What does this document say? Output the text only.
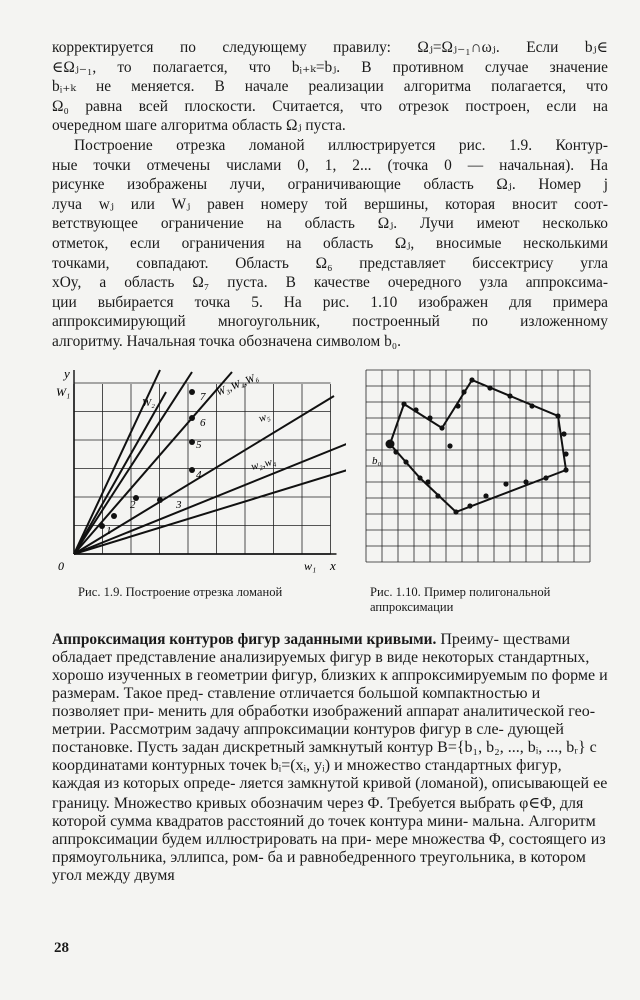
корректируется по следующему правилу: Ωⱼ=Ωⱼ₋₁∩ωⱼ. Если bⱼ∈
∈Ωⱼ₋₁, то полагается, что bᵢ₊ₖ=bⱼ. В противном случае значение
bᵢ₊ₖ не меняется. В начале реализации алгоритма полагается, что
Ω₀ равна всей плоскости. Считается, что отрезок построен, если на
очередном шаге алгоритма область Ωⱼ пуста.

Построение отрезка ломаной иллюстрируется рис. 1.9. Контур-
ные точки отмечены числами 0, 1, 2... (точка 0 — начальная). На
рисунке изображены лучи, ограничивающие область Ωⱼ. Номер j
луча wⱼ или Wⱼ равен номеру той вершины, которая вносит соот-
ветствующее ограничение на область Ωⱼ. Лучи имеют несколько
отметок, если ограничения на область Ωⱼ, вносимые несколькими
точками, совпадают. Область Ω₆ представляет биссектрису угла
xOy, а область Ω₇ пуста. В качестве очередного узла аппроксима-
ции выбирается точка 5. На рис. 1.10 изображен для примера
аппроксимирующий многоугольник, построенный по изложенному
алгоритму. Начальная точка обозначена символом b₀.

y
W₁
0	w₁ x
W₂
W₃,W₄,W₆
w₅
w₂,w₄
1
2	3
4
5
6
7
Рис. 1.9. Построение отрезка ломаной
b₀
Рис. 1.10. Пример полигональной аппроксимации

Аппроксимация контуров фигур заданными кривыми. Преиму- ществами обладает представление анализируемых фигур в виде некоторых стандартных, хорошо изученных в геометрии фигур, близких к аппроксимируемым по форме и размерам. Такое пред- ставление отличается большой компактностью и позволяет при- менить для обработки изображений аппарат аналитической гео- метрии. Рассмотрим задачу аппроксимации контуров фигур в сле- дующей постановке. Пусть задан дискретный замкнутый контур B={b₁, b₂, ..., bᵢ, ..., bᵣ} с координатами контурных точек bᵢ=(xᵢ, yᵢ) и множество стандартных фигур, каждая из которых опреде- ляется замкнутой кривой (ломаной), описывающей ее границу. Множество кривых обозначим через Φ. Требуется выбрать φ∈Φ, для которой сумма квадратов расстояний до точек контура мини- мальна. Алгоритм аппроксимации будем иллюстрировать на при- мере множества Φ, состоящего из прямоугольника, эллипса, ром- ба и равнобедренного треугольника, в котором угол между двумя

28
